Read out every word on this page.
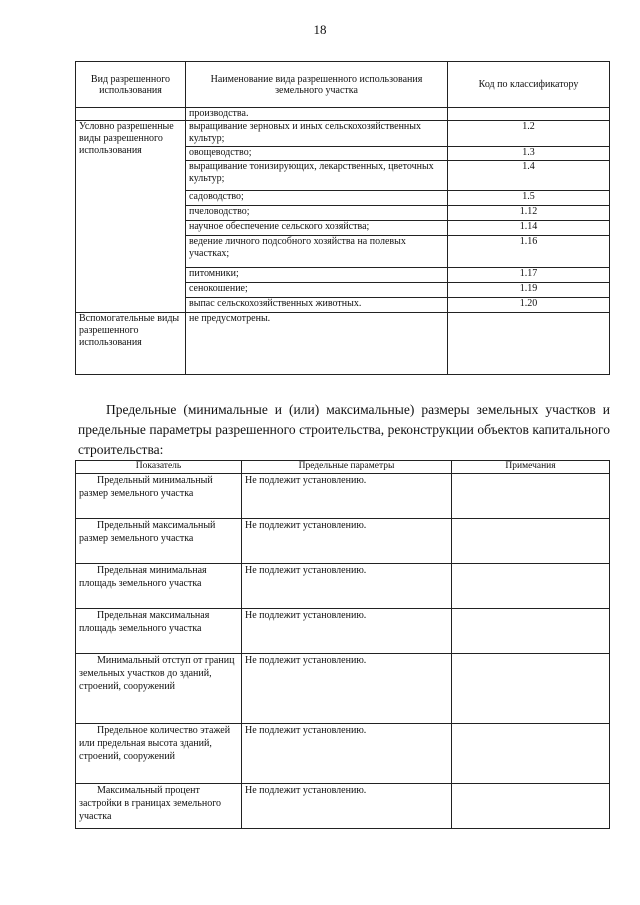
18
Вид разрешенного использования	Наименование вида разрешенного использования земельного участка	Код по классификатору
	производства.	
Условно разрешенные виды разрешенного использования	выращивание зерновых и иных сельскохозяйственных культур;	1.2
	овощеводство;	1.3
	выращивание тонизирующих, лекарственных, цветочных культур;	1.4
	садоводство;	1.5
	пчеловодство;	1.12
	научное обеспечение сельского хозяйства;	1.14
	ведение личного подсобного хозяйства на полевых участках;	1.16
	питомники;	1.17
	сенокошение;	1.19
	выпас сельскохозяйственных животных.	1.20
Вспомогательные виды разрешенного использования	не предусмотрены.	

Предельные (минимальные и (или) максимальные) размеры земельных участков и предельные параметры разрешенного строительства, реконструкции объектов капитального строительства:

Показатель	Предельные параметры	Примечания
Предельный минимальный размер земельного участка	Не подлежит установлению.	
Предельный максимальный размер земельного участка	Не подлежит установлению.	
Предельная минимальная площадь земельного участка	Не подлежит установлению.	
Предельная максимальная площадь земельного участка	Не подлежит установлению.	
Минимальный отступ от границ земельных участков до зданий, строений, сооружений	Не подлежит установлению.	
Предельное количество этажей или предельная высота зданий, строений, сооружений	Не подлежит установлению.	
Максимальный процент застройки в границах земельного участка	Не подлежит установлению.	
